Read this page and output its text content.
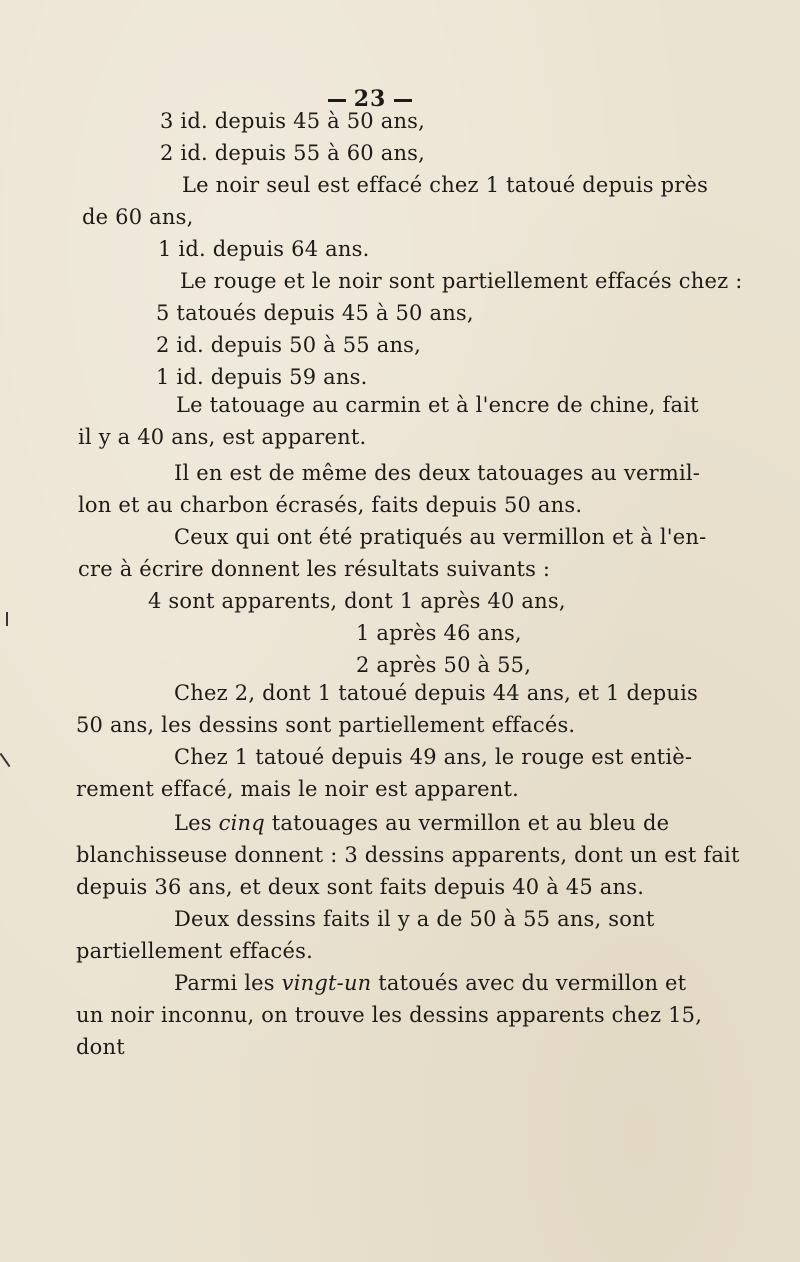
23
3 id. depuis 45 à 50 ans,
2 id. depuis 55 à 60 ans,
Le noir seul est effacé chez 1 tatoué depuis près
de 60 ans,
1 id. depuis 64 ans.
Le rouge et le noir sont partiellement effacés chez :
5 tatoués depuis 45 à 50 ans,
2 id. depuis 50 à 55 ans,
1 id. depuis 59 ans.
Le tatouage au carmin et à l'encre de chine, fait
il y a 40 ans, est apparent.
Il en est de même des deux tatouages au vermil-
lon et au charbon écrasés, faits depuis 50 ans.
Ceux qui ont été pratiqués au vermillon et à l'en-
cre à écrire donnent les résultats suivants :
4 sont apparents, dont 1 après 40 ans,
1 après 46 ans,
2 après 50 à 55,
Chez 2, dont 1 tatoué depuis 44 ans, et 1 depuis
50 ans, les dessins sont partiellement effacés.
Chez 1 tatoué depuis 49 ans, le rouge est entiè-
rement effacé, mais le noir est apparent.
Les cinq tatouages au vermillon et au bleu de
blanchisseuse donnent : 3 dessins apparents, dont un est fait
depuis 36 ans, et deux sont faits depuis 40 à 45 ans.
Deux dessins faits il y a de 50 à 55 ans, sont
partiellement effacés.
Parmi les vingt-un tatoués avec du vermillon et
un noir inconnu, on trouve les dessins apparents chez 15,
dont
